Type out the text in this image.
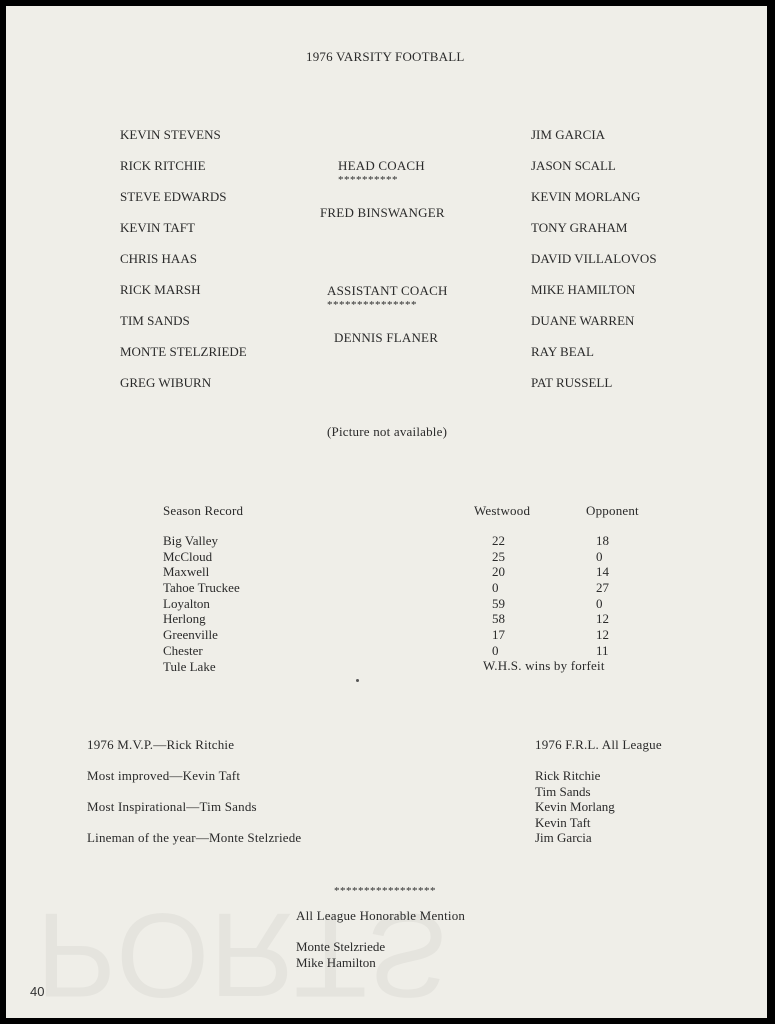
1976 VARSITY FOOTBALL
KEVIN STEVENS
RICK RITCHIE
STEVE EDWARDS
KEVIN TAFT
CHRIS HAAS
RICK MARSH
TIM SANDS
MONTE STELZRIEDE
GREG WIBURN
JIM GARCIA
JASON SCALL
KEVIN MORLANG
TONY GRAHAM
DAVID VILLALOVOS
MIKE HAMILTON
DUANE WARREN
RAY BEAL
PAT RUSSELL
HEAD COACH
**********
FRED BINSWANGER
ASSISTANT COACH
***************
DENNIS FLANER
(Picture not available)
Season Record	Westwood	Opponent
Big Valley
McCloud
Maxwell
Tahoe Truckee
Loyalton
Herlong
Greenville
Chester
Tule Lake
22
25
20
0
59
58
17
0
18
0
14
27
0
12
12
11
W.H.S. wins by forfeit
1976 M.V.P.—Rick Ritchie
Most improved—Kevin Taft
Most Inspirational—Tim Sands
Lineman of the year—Monte Stelzriede
1976 F.R.L. All League
Rick Ritchie
Tim Sands
Kevin Morlang
Kevin Taft
Jim Garcia
*****************
All League Honorable Mention
Monte Stelzriede
Mike Hamilton
40
